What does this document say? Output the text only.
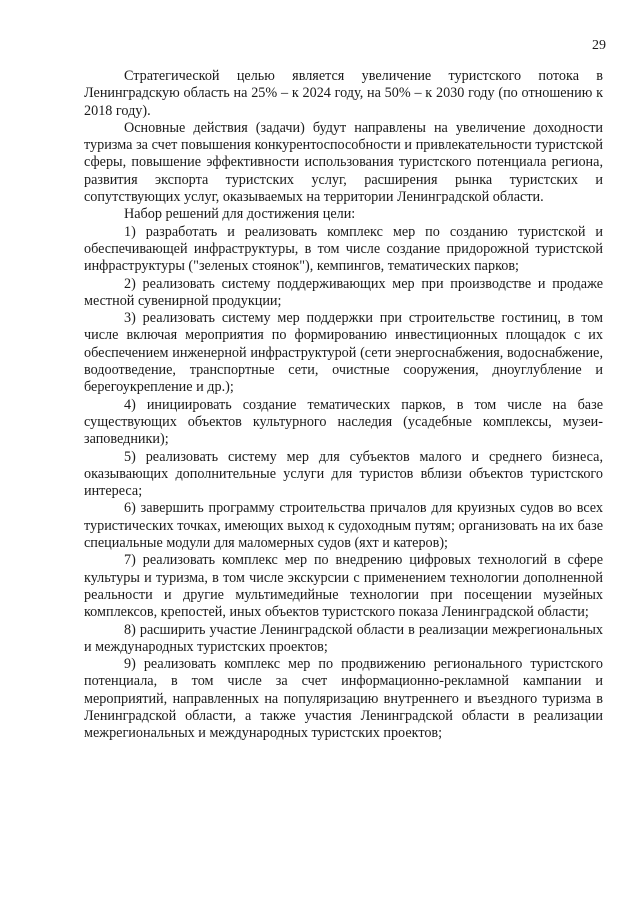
29

Стратегической целью является увеличение туристского потока в Ленинградскую область на 25% – к 2024 году, на 50% – к 2030 году (по отношению к 2018 году).

Основные действия (задачи) будут направлены на увеличение доходности туризма за счет повышения конкурентоспособности и привлекательности туристской сферы, повышение эффективности использования туристского потенциала региона, развития экспорта туристских услуг, расширения рынка туристских и сопутствующих услуг, оказываемых на территории Ленинградской области.

Набор решений для достижения цели:

1) разработать и реализовать комплекс мер по созданию туристской и обеспечивающей инфраструктуры, в том числе создание придорожной туристской инфраструктуры ("зеленых стоянок"), кемпингов, тематических парков;

2) реализовать систему поддерживающих мер при производстве и продаже местной сувенирной продукции;

3) реализовать систему мер поддержки при строительстве гостиниц, в том числе включая мероприятия по формированию инвестиционных площадок с их обеспечением инженерной инфраструктурой (сети энергоснабжения, водоснабжение, водоотведение, транспортные сети, очистные сооружения, дноуглубление и берегоукрепление и др.);

4) инициировать создание тематических парков, в том числе на базе существующих объектов культурного наследия (усадебные комплексы, музеи-заповедники);

5) реализовать систему мер для субъектов малого и среднего бизнеса, оказывающих дополнительные услуги для туристов вблизи объектов туристского интереса;

6) завершить программу строительства причалов для круизных судов во всех туристических точках, имеющих выход к судоходным путям; организовать на их базе специальные модули для маломерных судов (яхт и катеров);

7) реализовать комплекс мер по внедрению цифровых технологий в сфере культуры и туризма, в том числе экскурсии с применением технологии дополненной реальности и другие мультимедийные технологии при посещении музейных комплексов, крепостей, иных объектов туристского показа Ленинградской области;

8) расширить участие Ленинградской области в реализации межрегиональных и международных туристских проектов;

9) реализовать комплекс мер по продвижению регионального туристского потенциала, в том числе за счет информационно-рекламной кампании и мероприятий, направленных на популяризацию внутреннего и въездного туризма в Ленинградской области, а также участия Ленинградской области в реализации межрегиональных и международных туристских проектов;
